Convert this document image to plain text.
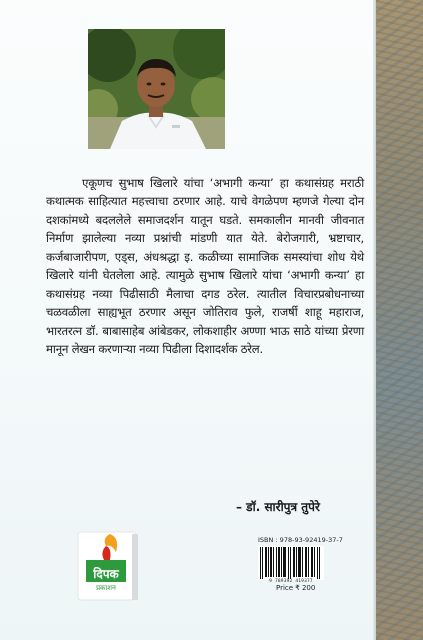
एकूणच सुभाष खिलारे यांचा ‘अभागी कन्या’ हा कथासंग्रह मराठी कथात्मक साहित्यात महत्त्वाचा ठरणार आहे. याचे वेगळेपण म्हणजे गेल्या दोन दशकांमध्ये बदललेले समाजदर्शन यातून घडते. समकालीन मानवी जीवनात निर्माण झालेल्या नव्या प्रश्नांची मांडणी यात येते. बेरोजगारी, भ्रष्टाचार, कर्जबाजारीपण, एड्स, अंधश्रद्धा इ. कळीच्या सामाजिक समस्यांचा शोध येथे खिलारे यांनी घेतलेला आहे. त्यामुळे सुभाष खिलारे यांचा ‘अभागी कन्या’ हा कथासंग्रह नव्या पिढीसाठी मैलाचा दगड ठरेल. त्यातील विचारप्रबोधनाच्या चळवळीला साह्यभूत ठरणार असून जोतिराव फुले, राजर्षी शाहू महाराज, भारतरत्न डॉ. बाबासाहेब आंबेडकर, लोकशाहीर अण्णा भाऊ साठे यांच्या प्रेरणा मानून लेखन करणाऱ्या नव्या पिढीला दिशादर्शक ठरेल.

– डॉ. सारीपुत्र तुपेरे
दिपक
प्रकाशन
ISBN : 978-93-92419-37-7
9 789392 419377
Price ₹ 200
